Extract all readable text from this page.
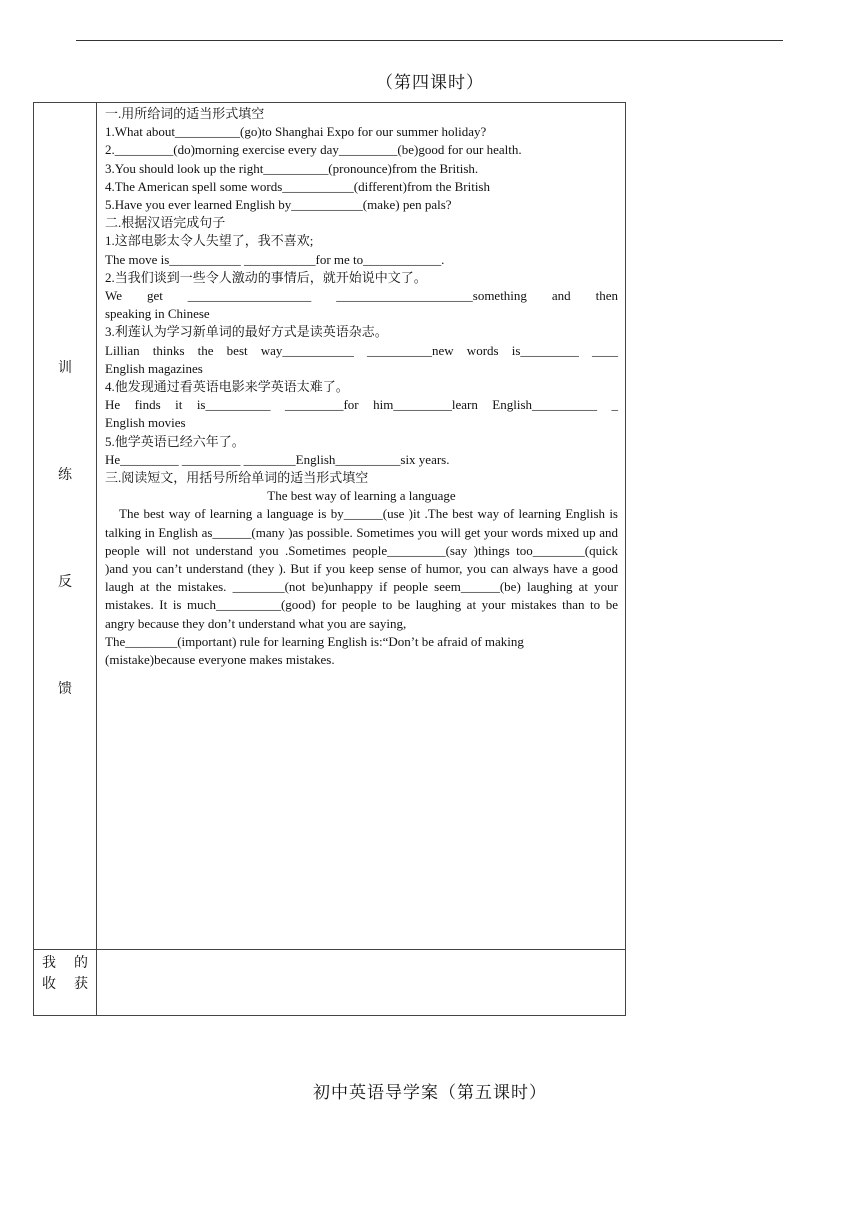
（第四课时）
训
练
反
馈

一.用所给词的适当形式填空

1.What about__________(go)to Shanghai Expo for our summer holiday?

2._________(do)morning exercise every day_________(be)good for our health.

3.You should look up the right__________(pronounce)from the British.

4.The American spell some words___________(different)from the British

5.Have you ever learned English by___________(make) pen pals?

二.根据汉语完成句子

1.这部电影太令人失望了，我不喜欢;

The move is___________ ___________for me to____________.

2.当我们谈到一些令人激动的事情后，就开始说中文了。

We get ___________________ _____________________something and then

speaking in Chinese

3.利莲认为学习新单词的最好方式是读英语杂志。

Lillian thinks the best way___________ __________new words is_________ ____

English magazines

4.他发现通过看英语电影来学英语太难了。

He finds it is__________ _________for him_________learn English__________ _

English movies

5.他学英语已经六年了。

He_________ _________ ________English__________six years.

三.阅读短文，用括号所给单词的适当形式填空

The best way of learning a language

The best way of learning a language is by______(use )it .The best way of learning English is talking in English as______(many )as possible. Sometimes you will get your words mixed up and people will not understand you .Sometimes people_________(say )things too________(quick )and you can’t understand (they ). But if you keep sense of humor, you can always have a good laugh at the mistakes. ________(not be)unhappy if people seem______(be) laughing at your mistakes. It is much__________(good) for people to be laughing at your mistakes than to be angry because they don’t understand what you are saying,

The________(important) rule for learning English is:“Don’t be afraid of making

(mistake)because everyone makes mistakes.

我 的
收 获
初中英语导学案（第五课时）
